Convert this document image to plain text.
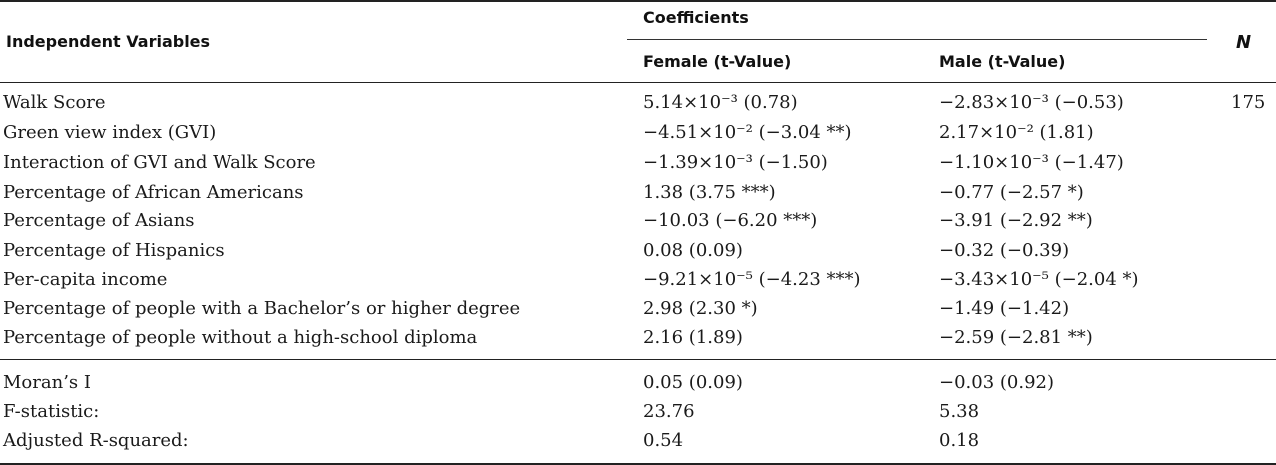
Independent Variables
Coefficients
Female (t-Value)	Male (t-Value)
N
Walk Score	5.14×10⁻³ (0.78)	−2.83×10⁻³ (−0.53)	175
Green view index (GVI)	−4.51×10⁻² (−3.04 **)	2.17×10⁻² (1.81)
Interaction of GVI and Walk Score	−1.39×10⁻³ (−1.50)	−1.10×10⁻³ (−1.47)
Percentage of African Americans	1.38 (3.75 ***)	−0.77 (−2.57 *)
Percentage of Asians	−10.03 (−6.20 ***)	−3.91 (−2.92 **)
Percentage of Hispanics	0.08 (0.09)	−0.32 (−0.39)
Per-capita income	−9.21×10⁻⁵ (−4.23 ***)	−3.43×10⁻⁵ (−2.04 *)
Percentage of people with a Bachelor’s or higher degree	2.98 (2.30 *)	−1.49 (−1.42)
Percentage of people without a high-school diploma	2.16 (1.89)	−2.59 (−2.81 **)
Moran’s I	0.05 (0.09)	−0.03 (0.92)
F-statistic:	23.76	5.38
Adjusted R-squared:	0.54	0.18
